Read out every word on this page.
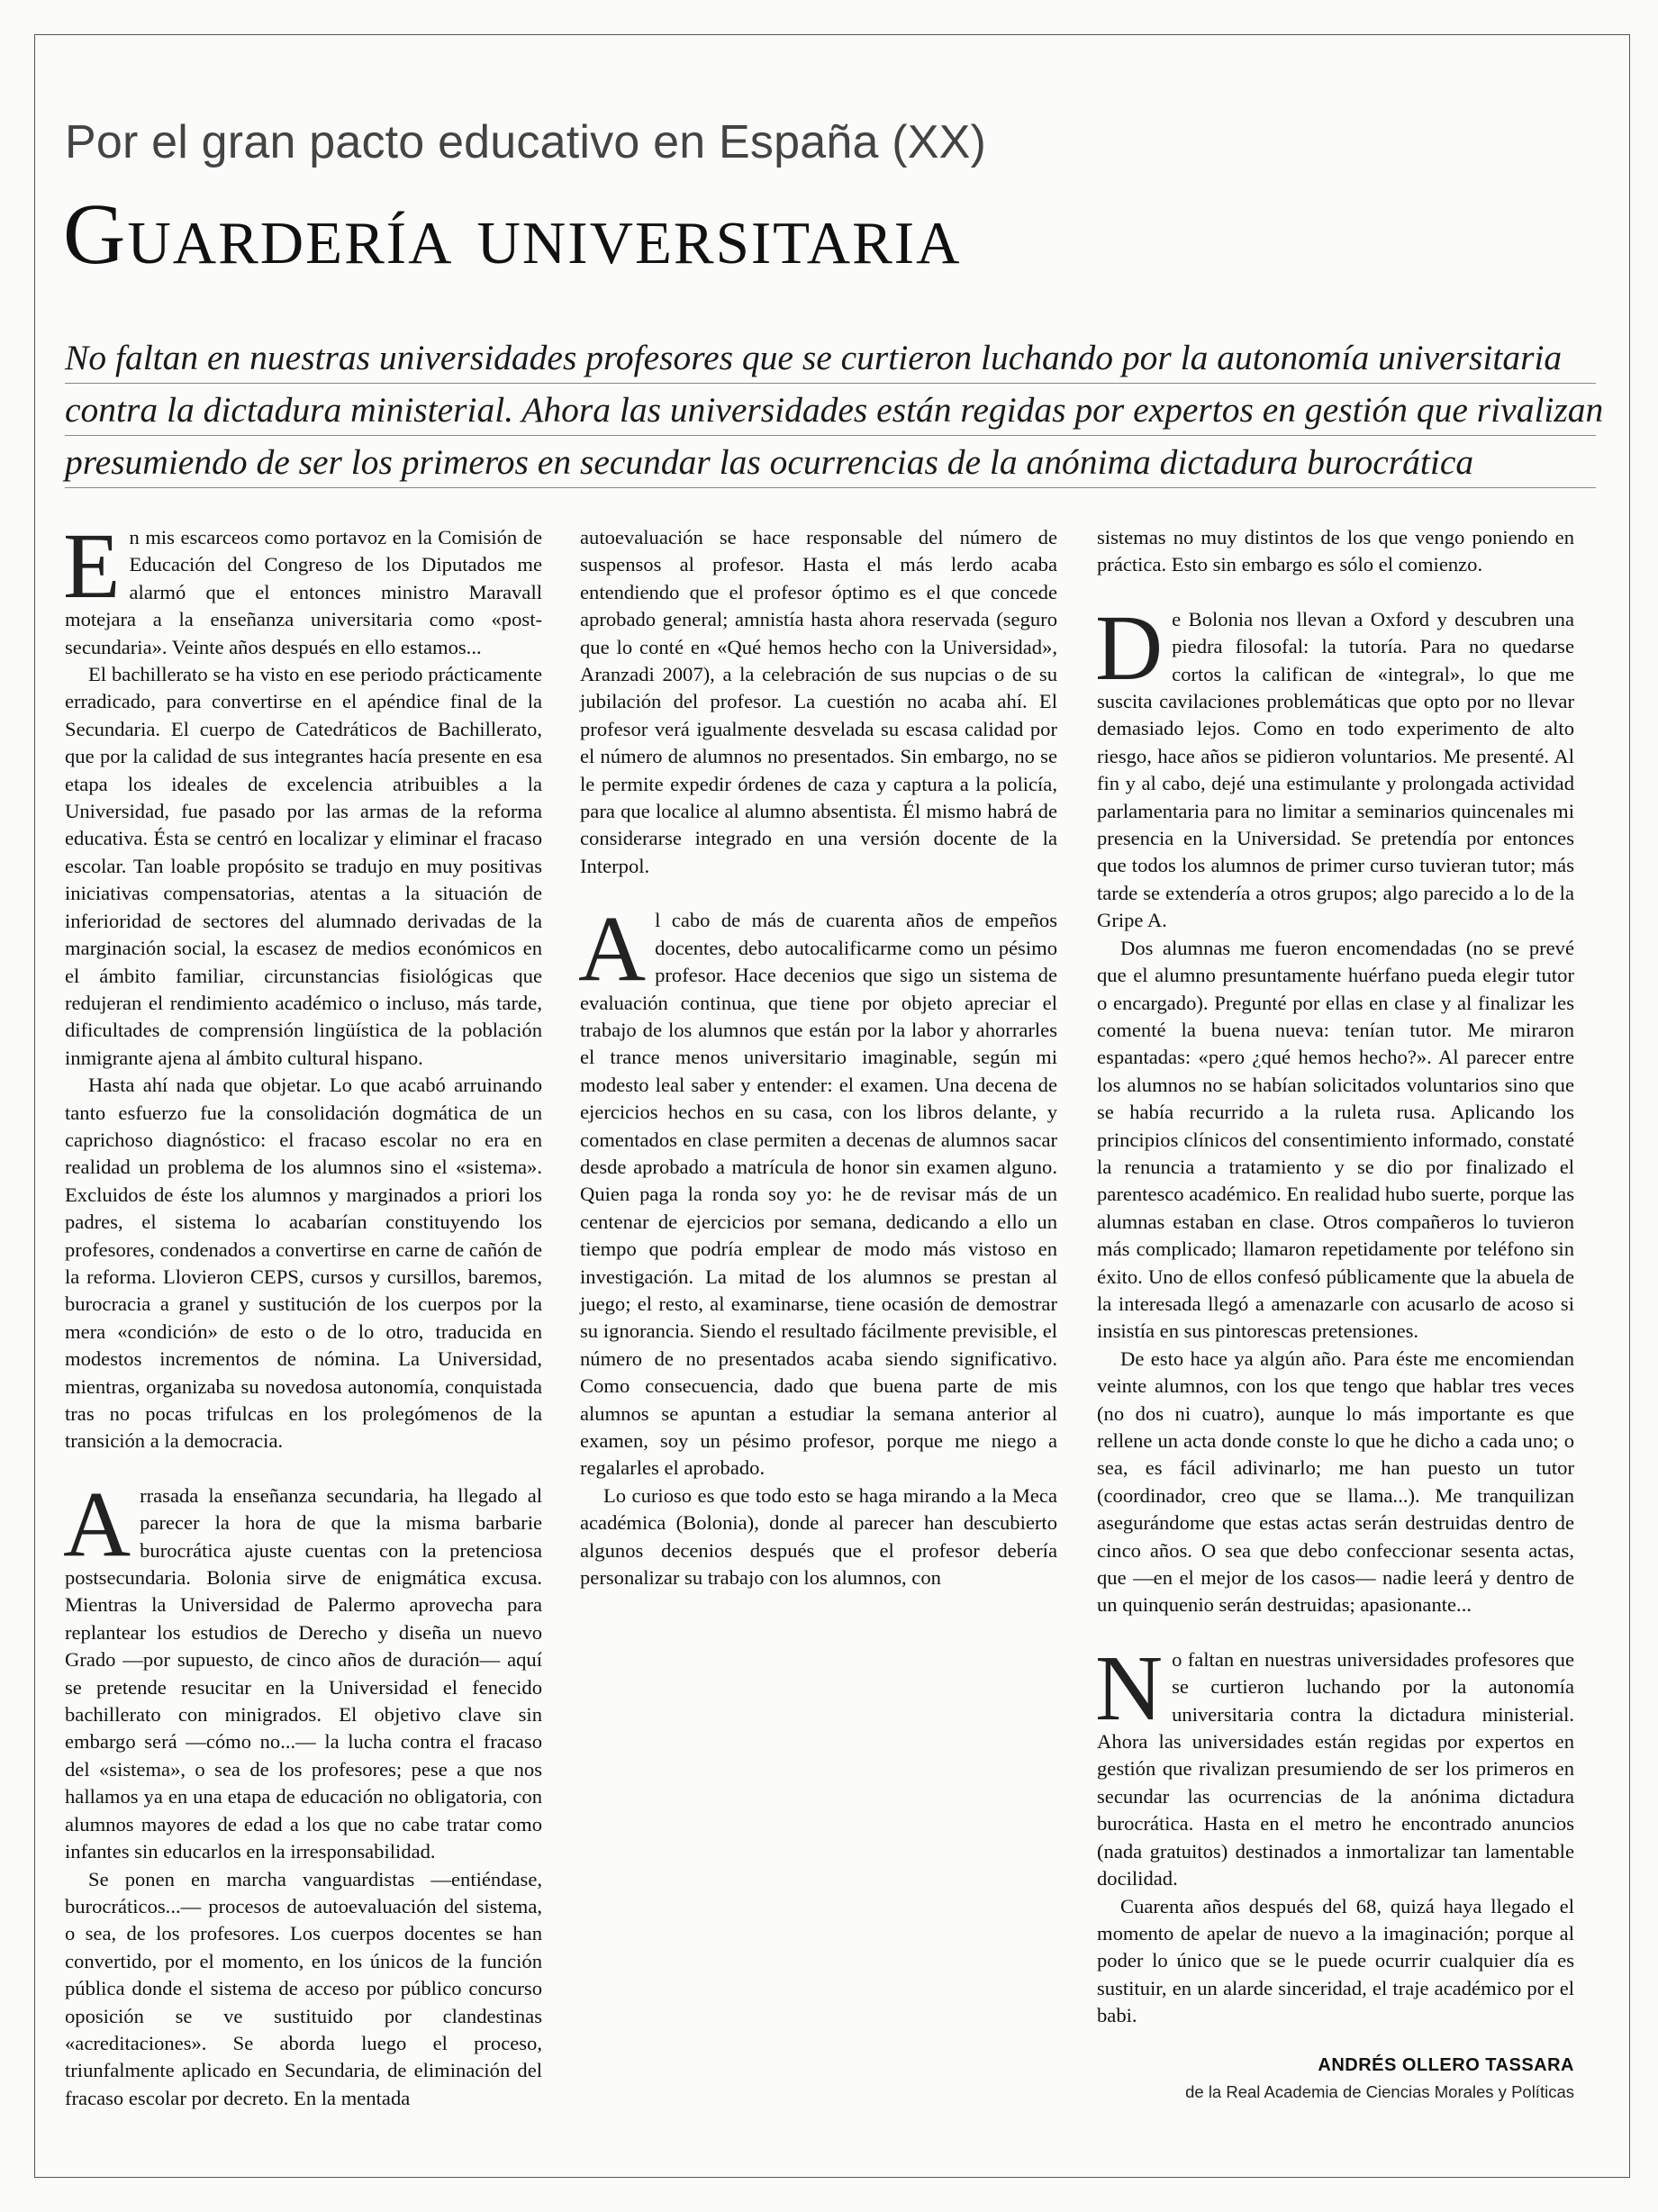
Por el gran pacto educativo en España (XX)
Guardería universitaria
No faltan en nuestras universidades profesores que se curtieron luchando por la autonomía universitaria
contra la dictadura ministerial. Ahora las universidades están regidas por expertos en gestión que rivalizan
presumiendo de ser los primeros en secundar las ocurrencias de la anónima dictadura burocrática

En mis escarceos como portavoz en la Comisión de Educación del Congreso de los Diputados me alarmó que el entonces ministro Maravall motejara a la enseñanza universitaria como «post-secundaria». Veinte años después en ello estamos...

El bachillerato se ha visto en ese periodo prácticamente erradicado, para convertirse en el apéndice final de la Secundaria. El cuerpo de Catedráticos de Bachillerato, que por la calidad de sus integrantes hacía presente en esa etapa los ideales de excelencia atribuibles a la Universidad, fue pasado por las armas de la reforma educativa. Ésta se centró en localizar y eliminar el fracaso escolar. Tan loable propósito se tradujo en muy positivas iniciativas compensatorias, atentas a la situación de inferioridad de sectores del alumnado derivadas de la marginación social, la escasez de medios económicos en el ámbito familiar, circunstancias fisiológicas que redujeran el rendimiento académico o incluso, más tarde, dificultades de comprensión lingüística de la población inmigrante ajena al ámbito cultural hispano.

Hasta ahí nada que objetar. Lo que acabó arruinando tanto esfuerzo fue la consolidación dogmática de un caprichoso diagnóstico: el fracaso escolar no era en realidad un problema de los alumnos sino el «sistema». Excluidos de éste los alumnos y marginados a priori los padres, el sistema lo acabarían constituyendo los profesores, condenados a convertirse en carne de cañón de la reforma. Llovieron CEPS, cursos y cursillos, baremos, burocracia a granel y sustitución de los cuerpos por la mera «condición» de esto o de lo otro, traducida en modestos incrementos de nómina. La Universidad, mientras, organizaba su novedosa autonomía, conquistada tras no pocas trifulcas en los prolegómenos de la transición a la democracia.

Arrasada la enseñanza secundaria, ha llegado al parecer la hora de que la misma barbarie burocrática ajuste cuentas con la pretenciosa postsecundaria. Bolonia sirve de enigmática excusa. Mientras la Universidad de Palermo aprovecha para replantear los estudios de Derecho y diseña un nuevo Grado —por supuesto, de cinco años de duración— aquí se pretende resucitar en la Universidad el fenecido bachillerato con minigrados. El objetivo clave sin embargo será —cómo no...— la lucha contra el fracaso del «sistema», o sea de los profesores; pese a que nos hallamos ya en una etapa de educación no obligatoria, con alumnos mayores de edad a los que no cabe tratar como infantes sin educarlos en la irresponsabilidad.

Se ponen en marcha vanguardistas —entiéndase, burocráticos...— procesos de autoevaluación del sistema, o sea, de los profesores. Los cuerpos docentes se han convertido, por el momento, en los únicos de la función pública donde el sistema de acceso por público concurso oposición se ve sustituido por clandestinas «acreditaciones». Se aborda luego el proceso, triunfalmente aplicado en Secundaria, de eliminación del fracaso escolar por decreto. En la mentada

autoevaluación se hace responsable del número de suspensos al profesor. Hasta el más lerdo acaba entendiendo que el profesor óptimo es el que concede aprobado general; amnistía hasta ahora reservada (seguro que lo conté en «Qué hemos hecho con la Universidad», Aranzadi 2007), a la celebración de sus nupcias o de su jubilación del profesor. La cuestión no acaba ahí. El profesor verá igualmente desvelada su escasa calidad por el número de alumnos no presentados. Sin embargo, no se le permite expedir órdenes de caza y captura a la policía, para que localice al alumno absentista. Él mismo habrá de considerarse integrado en una versión docente de la Interpol.

Al cabo de más de cuarenta años de empeños docentes, debo autocalificarme como un pésimo profesor. Hace decenios que sigo un sistema de evaluación continua, que tiene por objeto apreciar el trabajo de los alumnos que están por la labor y ahorrarles el trance menos universitario imaginable, según mi modesto leal saber y entender: el examen. Una decena de ejercicios hechos en su casa, con los libros delante, y comentados en clase permiten a decenas de alumnos sacar desde aprobado a matrícula de honor sin examen alguno. Quien paga la ronda soy yo: he de revisar más de un centenar de ejercicios por semana, dedicando a ello un tiempo que podría emplear de modo más vistoso en investigación. La mitad de los alumnos se prestan al juego; el resto, al examinarse, tiene ocasión de demostrar su ignorancia. Siendo el resultado fácilmente previsible, el número de no presentados acaba siendo significativo. Como consecuencia, dado que buena parte de mis alumnos se apuntan a estudiar la semana anterior al examen, soy un pésimo profesor, porque me niego a regalarles el aprobado.

Lo curioso es que todo esto se haga mirando a la Meca académica (Bolonia), donde al parecer han descubierto algunos decenios después que el profesor debería personalizar su trabajo con los alumnos, con

sistemas no muy distintos de los que vengo poniendo en práctica. Esto sin embargo es sólo el comienzo.

De Bolonia nos llevan a Oxford y descubren una piedra filosofal: la tutoría. Para no quedarse cortos la califican de «integral», lo que me suscita cavilaciones problemáticas que opto por no llevar demasiado lejos. Como en todo experimento de alto riesgo, hace años se pidieron voluntarios. Me presenté. Al fin y al cabo, dejé una estimulante y prolongada actividad parlamentaria para no limitar a seminarios quincenales mi presencia en la Universidad. Se pretendía por entonces que todos los alumnos de primer curso tuvieran tutor; más tarde se extendería a otros grupos; algo parecido a lo de la Gripe A.

Dos alumnas me fueron encomendadas (no se prevé que el alumno presuntamente huérfano pueda elegir tutor o encargado). Pregunté por ellas en clase y al finalizar les comenté la buena nueva: tenían tutor. Me miraron espantadas: «pero ¿qué hemos hecho?». Al parecer entre los alumnos no se habían solicitados voluntarios sino que se había recurrido a la ruleta rusa. Aplicando los principios clínicos del consentimiento informado, constaté la renuncia a tratamiento y se dio por finalizado el parentesco académico. En realidad hubo suerte, porque las alumnas estaban en clase. Otros compañeros lo tuvieron más complicado; llamaron repetidamente por teléfono sin éxito. Uno de ellos confesó públicamente que la abuela de la interesada llegó a amenazarle con acusarlo de acoso si insistía en sus pintorescas pretensiones.

De esto hace ya algún año. Para éste me encomiendan veinte alumnos, con los que tengo que hablar tres veces (no dos ni cuatro), aunque lo más importante es que rellene un acta donde conste lo que he dicho a cada uno; o sea, es fácil adivinarlo; me han puesto un tutor (coordinador, creo que se llama...). Me tranquilizan asegurándome que estas actas serán destruidas dentro de cinco años. O sea que debo confeccionar sesenta actas, que —en el mejor de los casos— nadie leerá y dentro de un quinquenio serán destruidas; apasionante...

No faltan en nuestras universidades profesores que se curtieron luchando por la autonomía universitaria contra la dictadura ministerial. Ahora las universidades están regidas por expertos en gestión que rivalizan presumiendo de ser los primeros en secundar las ocurrencias de la anónima dictadura burocrática. Hasta en el metro he encontrado anuncios (nada gratuitos) destinados a inmortalizar tan lamentable docilidad.

Cuarenta años después del 68, quizá haya llegado el momento de apelar de nuevo a la imaginación; porque al poder lo único que se le puede ocurrir cualquier día es sustituir, en un alarde sinceridad, el traje académico por el babi.

ANDRÉS OLLERO TASSARA
de la Real Academia de Ciencias Morales y Políticas
